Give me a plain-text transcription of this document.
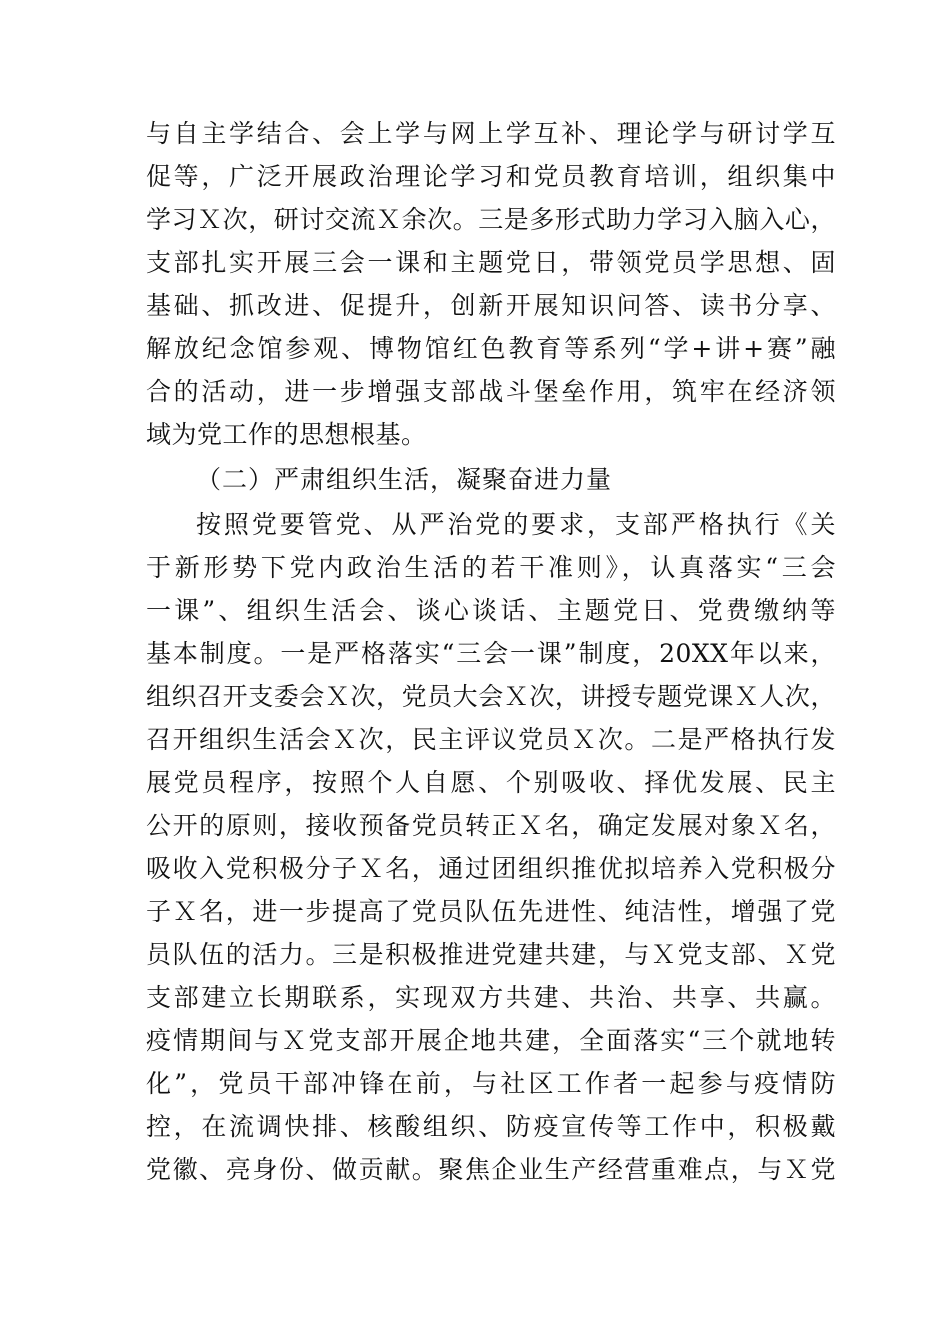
与自主学结合、会上学与网上学互补、理论学与研讨学互
促等，广泛开展政治理论学习和党员教育培训，组织集中
学习Ｘ次，研讨交流Ｘ余次。三是多形式助力学习入脑入心，
支部扎实开展三会一课和主题党日，带领党员学思想、固
基础、抓改进、促提升，创新开展知识问答、读书分享、
解放纪念馆参观、博物馆红色教育等系列“学+讲+赛”融
合的活动，进一步增强支部战斗堡垒作用，筑牢在经济领
域为党工作的思想根基。
（二）严肃组织生活，凝聚奋进力量
按照党要管党、从严治党的要求，支部严格执行《关
于新形势下党内政治生活的若干准则》，认真落实“三会
一课”、组织生活会、谈心谈话、主题党日、党费缴纳等
基本制度。一是严格落实“三会一课”制度，20XX年以来，
组织召开支委会Ｘ次，党员大会Ｘ次，讲授专题党课Ｘ人次，
召开组织生活会Ｘ次，民主评议党员Ｘ次。二是严格执行发
展党员程序，按照个人自愿、个别吸收、择优发展、民主
公开的原则，接收预备党员转正Ｘ名，确定发展对象Ｘ名，
吸收入党积极分子Ｘ名，通过团组织推优拟培养入党积极分
子Ｘ名，进一步提高了党员队伍先进性、纯洁性，增强了党
员队伍的活力。三是积极推进党建共建，与Ｘ党支部、Ｘ党
支部建立长期联系，实现双方共建、共治、共享、共赢。
疫情期间与Ｘ党支部开展企地共建，全面落实“三个就地转
化”，党员干部冲锋在前，与社区工作者一起参与疫情防
控，在流调快排、核酸组织、防疫宣传等工作中，积极戴
党徽、亮身份、做贡献。聚焦企业生产经营重难点，与Ｘ党
